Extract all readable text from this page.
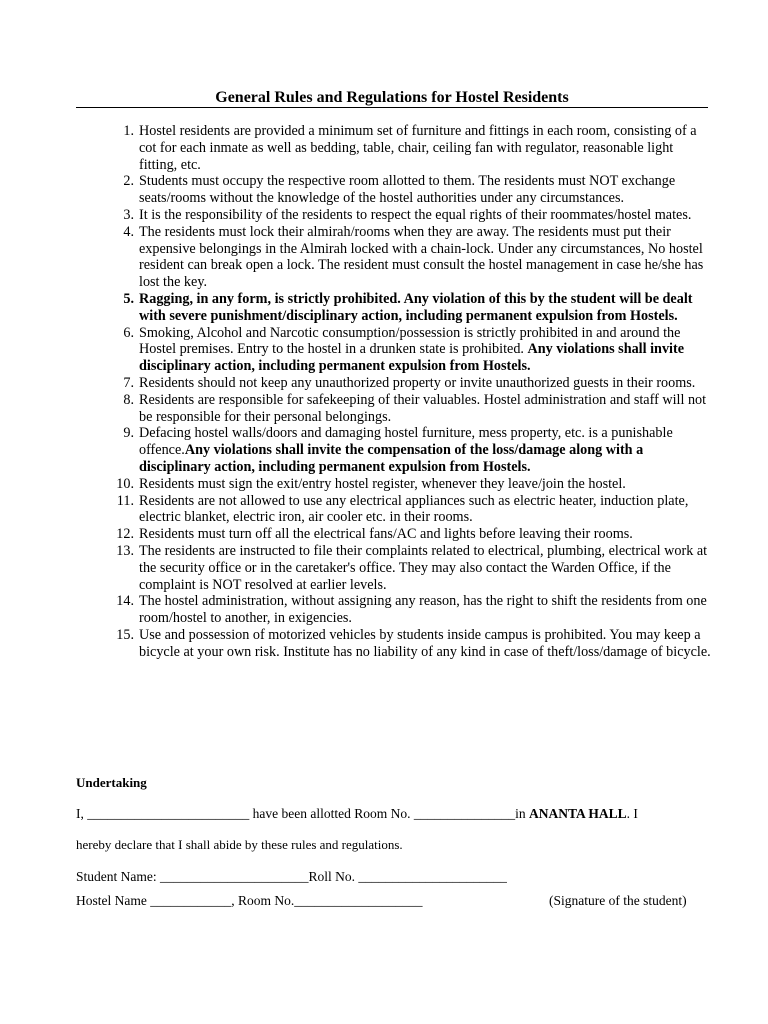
General Rules and Regulations for Hostel Residents
1. Hostel residents are provided a minimum set of furniture and fittings in each room, consisting of a cot for each inmate as well as bedding, table, chair, ceiling fan with regulator, reasonable light fitting, etc.
2. Students must occupy the respective room allotted to them. The residents must NOT exchange seats/rooms without the knowledge of the hostel authorities under any circumstances.
3. It is the responsibility of the residents to respect the equal rights of their roommates/hostel mates.
4. The residents must lock their almirah/rooms when they are away. The residents must put their expensive belongings in the Almirah locked with a chain-lock. Under any circumstances, No hostel resident can break open a lock. The resident must consult the hostel management in case he/she has lost the key.
5. Ragging, in any form, is strictly prohibited. Any violation of this by the student will be dealt with severe punishment/disciplinary action, including permanent expulsion from Hostels.
6. Smoking, Alcohol and Narcotic consumption/possession is strictly prohibited in and around the Hostel premises. Entry to the hostel in a drunken state is prohibited. Any violations shall invite disciplinary action, including permanent expulsion from Hostels.
7. Residents should not keep any unauthorized property or invite unauthorized guests in their rooms.
8. Residents are responsible for safekeeping of their valuables. Hostel administration and staff will not be responsible for their personal belongings.
9. Defacing hostel walls/doors and damaging hostel furniture, mess property, etc. is a punishable offence.Any violations shall invite the compensation of the loss/damage along with a disciplinary action, including permanent expulsion from Hostels.
10. Residents must sign the exit/entry hostel register, whenever they leave/join the hostel.
11. Residents are not allowed to use any electrical appliances such as electric heater, induction plate, electric blanket, electric iron, air cooler etc. in their rooms.
12. Residents must turn off all the electrical fans/AC and lights before leaving their rooms.
13. The residents are instructed to file their complaints related to electrical, plumbing, electrical work at the security office or in the caretaker's office. They may also contact the Warden Office, if the complaint is NOT resolved at earlier levels.
14. The hostel administration, without assigning any reason, has the right to shift the residents from one room/hostel to another, in exigencies.
15. Use and possession of motorized vehicles by students inside campus is prohibited. You may keep a bicycle at your own risk. Institute has no liability of any kind in case of theft/loss/damage of bicycle.
Undertaking
I, ________________________ have been allotted Room No. _______________in ANANTA HALL. I
hereby declare that I shall abide by these rules and regulations.
Student Name: ______________________Roll No. ______________________
Hostel Name ____________, Room No.___________________	(Signature of the student)
